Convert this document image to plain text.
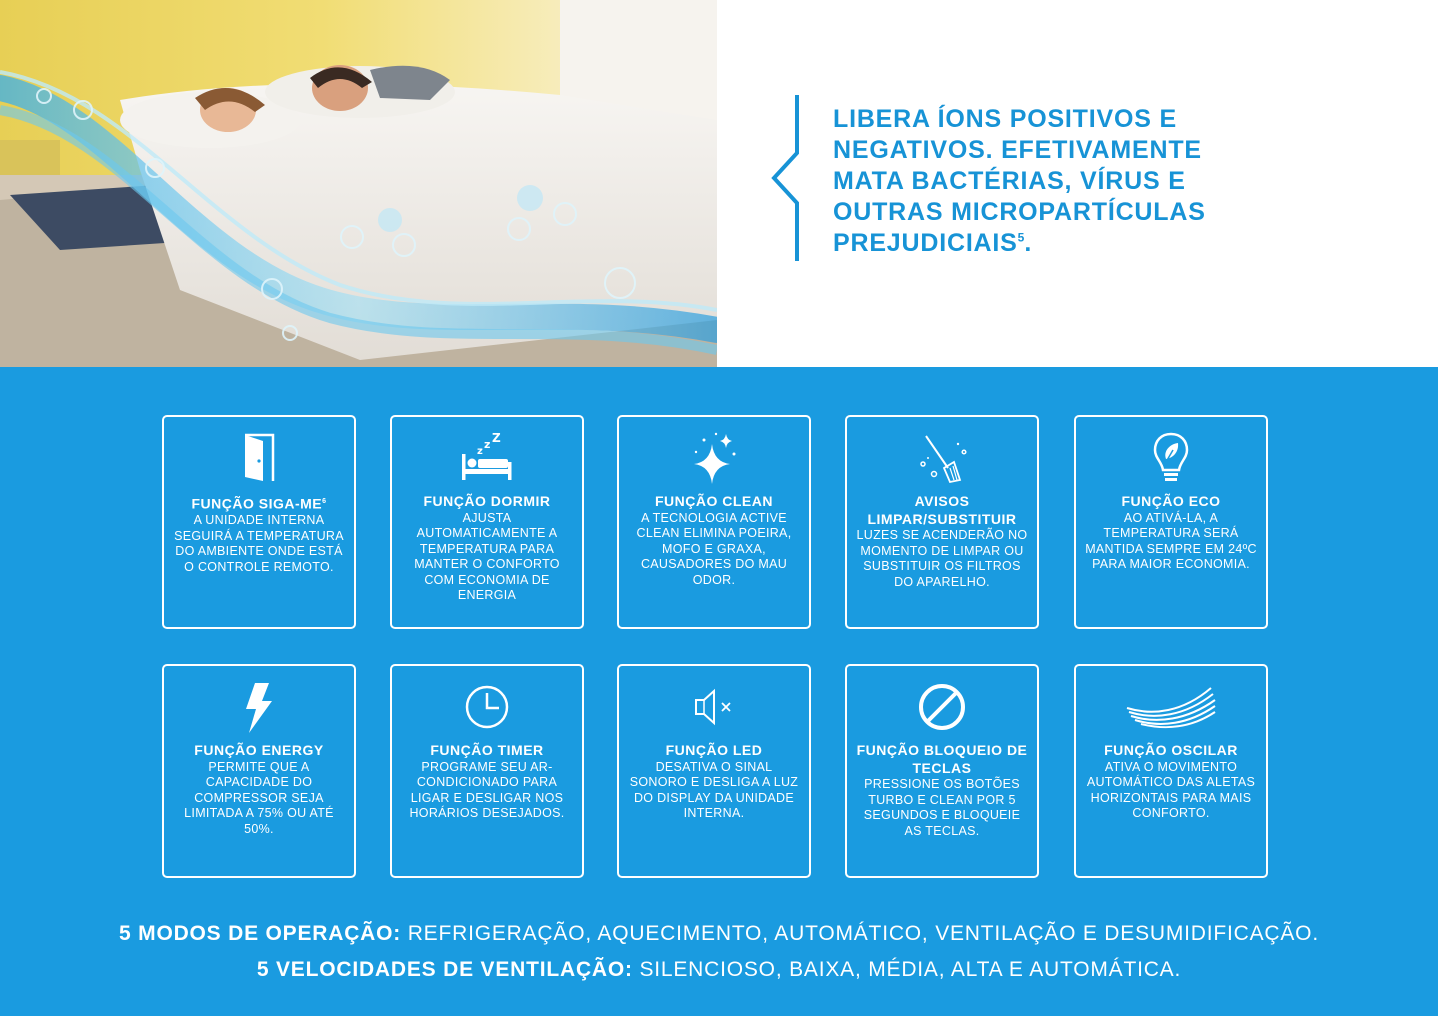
LIBERA ÍONS POSITIVOS E
NEGATIVOS. EFETIVAMENTE
MATA BACTÉRIAS, VÍRUS E
OUTRAS MICROPARTÍCULAS
PREJUDICIAIS$^5$.

FUNÇÃO SIGA-$ME^6$
A UNIDADE INTERNA SEGUIRÁ A TEMPERATURA DO AMBIENTE ONDE ESTÁ O CONTROLE REMOTO.
z
z Z
FUNÇÃO DORMIR
AJUSTA AUTOMATICAMENTE A TEMPERATURA PARA MANTER O CONFORTO COM ECONOMIA DE ENERGIA
FUNÇÃO CLEAN
A TECNOLOGIA ACTIVE CLEAN ELIMINA POEIRA, MOFO E GRAXA, CAUSADORES DO MAU ODOR.
AVISOS LIMPAR/SUBSTITUIR
LUZES SE ACENDERÃO NO MOMENTO DE LIMPAR OU SUBSTITUIR OS FILTROS DO APARELHO.
FUNÇÃO ECO
AO ATIVÁ-LA, A TEMPERATURA SERÁ MANTIDA SEMPRE EM 24ºC PARA MAIOR ECONOMIA.
FUNÇÃO ENERGY
PERMITE QUE A CAPACIDADE DO COMPRESSOR SEJA LIMITADA A 75% OU ATÉ 50%.
FUNÇÃO TIMER
PROGRAME SEU AR-CONDICIONADO PARA LIGAR E DESLIGAR NOS HORÁRIOS DESEJADOS.
FUNÇÃO LED
DESATIVA O SINAL SONORO E DESLIGA A LUZ DO DISPLAY DA UNIDADE INTERNA.
FUNÇÃO BLOQUEIO DE TECLAS
PRESSIONE OS BOTÕES TURBO E CLEAN POR 5 SEGUNDOS E BLOQUEIE AS TECLAS.
FUNÇÃO OSCILAR
ATIVA O MOVIMENTO AUTOMÁTICO DAS ALETAS HORIZONTAIS PARA MAIS CONFORTO.
5 MODOS DE OPERAÇÃO: REFRIGERAÇÃO, AQUECIMENTO, AUTOMÁTICO, VENTILAÇÃO E DESUMIDIFICAÇÃO.
5 VELOCIDADES DE VENTILAÇÃO: SILENCIOSO, BAIXA, MÉDIA, ALTA E AUTOMÁTICA.
